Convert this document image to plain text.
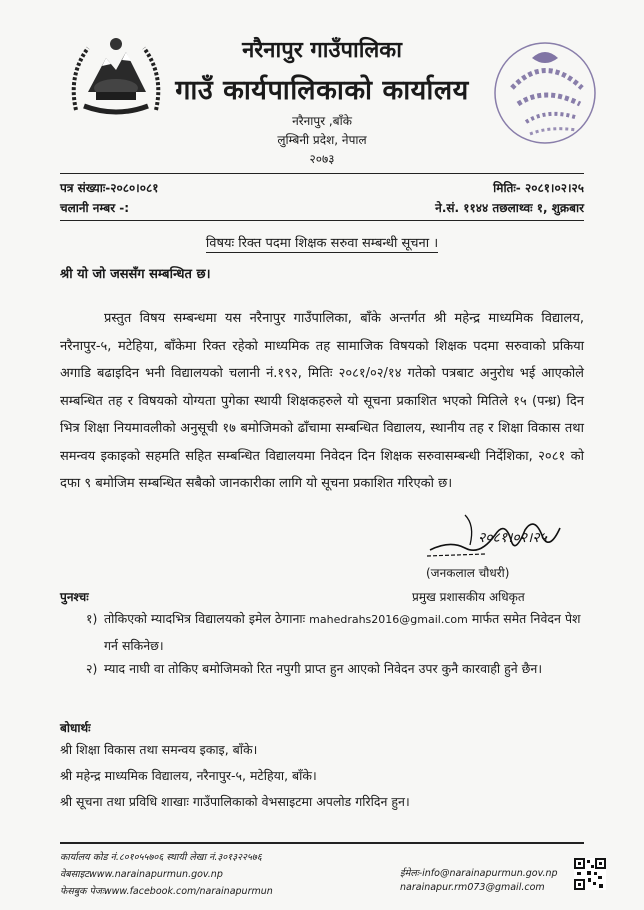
नरैनापुर गाउँपालिका
गाउँ कार्यपालिकाको कार्यालय
नरैनापुर ,बाँके
लुम्बिनी प्रदेश, नेपाल
२०७३
पत्र संख्याः-२०८०।०८१	मितिः- २०८१।०२।२५
चलानी नम्बर -:	ने.सं. ११४४ तछलाथ्वः १, शुक्रबार
विषयः रिक्त पदमा शिक्षक सरुवा सम्बन्धी सूचना ।
श्री यो जो जससँग सम्बन्धित छ।
प्रस्तुत विषय सम्बन्धमा यस नरैनापुर गाउँपालिका, बाँके अन्तर्गत श्री महेन्द्र माध्यमिक विद्यालय, नरैनापुर-५, मटेहिया, बाँकेमा रिक्त रहेको माध्यमिक तह सामाजिक विषयको शिक्षक पदमा सरुवाको प्रकिया अगाडि बढाइदिन भनी विद्यालयको चलानी नं.१९२, मितिः २०८१/०२/१४ गतेको पत्रबाट अनुरोध भई आएकोले सम्बन्धित तह र विषयको योग्यता पुगेका स्थायी शिक्षकहरुले यो सूचना प्रकाशित भएको मितिले १५ (पन्ध्र) दिन भित्र शिक्षा नियमावलीको अनुसूची १७ बमोजिमको ढाँचामा सम्बन्धित विद्यालय, स्थानीय तह र शिक्षा विकास तथा समन्वय इकाइको सहमति सहित सम्बन्धित विद्यालयमा निवेदन दिन शिक्षक सरुवासम्बन्धी निर्देशिका, २०८१ को दफा ९ बमोजिम सम्बन्धित सबैको जानकारीका लागि यो सूचना प्रकाशित गरिएको छ।
२०८१।०२।२५
(जनकलाल चौधरी)
प्रमुख प्रशासकीय अधिकृत
पुनश्चः
१) तोकिएको म्यादभित्र विद्यालयको इमेल ठेगानाः mahedrahs2016@gmail.com मार्फत समेत निवेदन पेश गर्न सकिनेछ।
२) म्याद नाघी वा तोकिए बमोजिमको रित नपुगी प्राप्त हुन आएको निवेदन उपर कुनै कारवाही हुने छैन।
बोधार्थः
श्री शिक्षा विकास तथा समन्वय इकाइ, बाँके।
श्री महेन्द्र माध्यमिक विद्यालय, नरैनापुर-५, मटेहिया, बाँके।
श्री सूचना तथा प्रविधि शाखाः गाउँपालिकाको वेभसाइटमा अपलोड गरिदिन हुन।
कार्यालय कोड नं.८०१०५५७०६ स्थायी लेखा नं.३०१३२२५७६
वेबसाइटwww.narainapurmun.gov.np
फेसबुक पेजःwww.facebook.com/narainapurmun
ईमेलः-info@narainapurmun.gov.np
narainapur.rm073@gmail.com
